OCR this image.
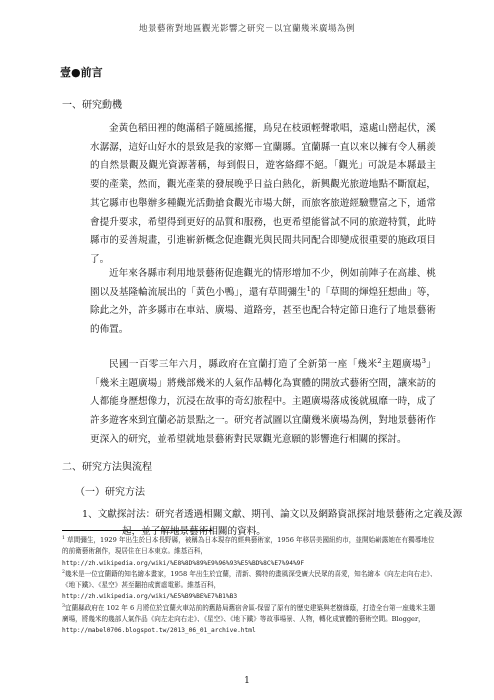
地景藝術對地區觀光影響之研究－以宜蘭幾米廣場為例
壹●前言
一、研究動機

金黃色稻田裡的飽滿稻子隨風搖擺，鳥兒在枝頭輕聲歌唱，遠處山巒起伏，溪水潺潺，這好山好水的景致是我的家鄉－宜蘭縣。宜蘭縣一直以來以擁有令人稱羨的自然景觀及觀光資源著稱，每到假日，遊客絡繹不絕。「觀光」可說是本縣最主要的產業，然而，觀光產業的發展晚乎日益白熱化，新興觀光旅遊地點不斷竄起，其它縣市也舉辦多種觀光活動搶食觀光市場大餅，而旅客旅遊經驗豐富之下，通常會提升要求，希望得到更好的品質和服務，也更希望能嘗試不同的旅遊特質，此時縣市的妥善規畫，引進嶄新概念促進觀光與民間共同配合即變成很重要的施政項目了。

近年來各縣市利用地景藝術促進觀光的情形增加不少，例如前陣子在高雄、桃園以及基隆輪流展出的「黃色小鴨」，還有草間彌生$^1$的「草間的煇煌狂想曲」等，除此之外，許多縣市在車站、廣場、道路旁，甚至也配合特定節日進行了地景藝術的佈置。

民國一百零三年六月，縣政府在宜蘭打造了全新第一座「幾米$^2$主題廣場$^3$」「幾米主題廣場」將幾部幾米的人氣作品轉化為實體的開放式藝術空間，讓來訪的人都能身歷想像力，沉浸在故事的奇幻旅程中。主題廣場落成後就風靡一時，成了許多遊客來到宜蘭必訪景點之一。研究者試圖以宜蘭幾米廣場為例，對地景藝術作更深入的研究，並希望就地景藝術對民眾觀光意願的影響進行相關的探討。

二、研究方法與流程
（一）研究方法

1、文獻探討法：研究者透過相關文獻、期刊、論文以及網路資訊探討地景藝術之定義及源起，並了解地景藝術相關的資料。

$^1$ 草間彌生，1929 年出生於日本長野縣，被稱為日本現存的經典藝術家，1956 年移居美國紐約市，並開始嶄露她在有獨導地位的前衛藝術創作，現居住在日本東京。維基百科，
http://zh.wikipedia.org/wiki/%E8%8D%89%E9%96%93%E5%BD%8C%E7%94%9F

$^2$幾米是一位宜蘭籍的知名繪本畫家，1958 年出生於宜蘭，清新、獨特的畫風深受廣大民眾的喜愛，知名繪本《向左走向右走》、《地下鐵》、《星空》甚至翻拍成實虛電影。維基百科，
http://zh.wikipedia.org/wiki/%E5%B9%BE%E7%B1%B3

$^3$宜蘭縣政府在 102 年 6 月將位於宜蘭火車站前的舊路局舊宿舍區-保留了原有的歷史建築與老樹綠蔭，打造全台第一座幾米主題廣場，將幾米的幾部人氣作品《向左走向右走》、《星空》、《地下鐵》等故事場景、人物，轉化成實體的藝術空間。Blogger，http://mabel0706.blogspot.tw/2013_06_01_archive.html

1
